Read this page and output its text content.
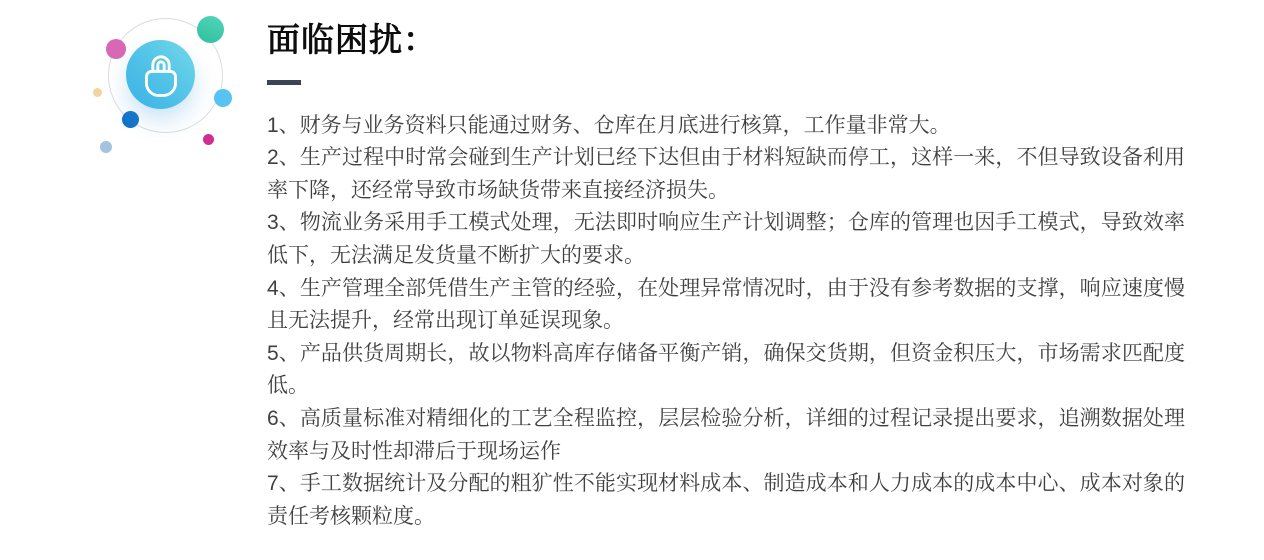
面临困扰：

1、财务与业务资料只能通过财务、仓库在月底进行核算，工作量非常大。

2、生产过程中时常会碰到生产计划已经下达但由于材料短缺而停工，这样一来，不但导致设备利用率下降，还经常导致市场缺货带来直接经济损失。

3、物流业务采用手工模式处理，无法即时响应生产计划调整；仓库的管理也因手工模式，导致效率低下，无法满足发货量不断扩大的要求。

4、生产管理全部凭借生产主管的经验，在处理异常情况时，由于没有参考数据的支撑，响应速度慢且无法提升，经常出现订单延误现象。

5、产品供货周期长，故以物料高库存储备平衡产销，确保交货期，但资金积压大，市场需求匹配度低。

6、高质量标准对精细化的工艺全程监控，层层检验分析，详细的过程记录提出要求，追溯数据处理效率与及时性却滞后于现场运作

7、手工数据统计及分配的粗犷性不能实现材料成本、制造成本和人力成本的成本中心、成本对象的责任考核颗粒度。
